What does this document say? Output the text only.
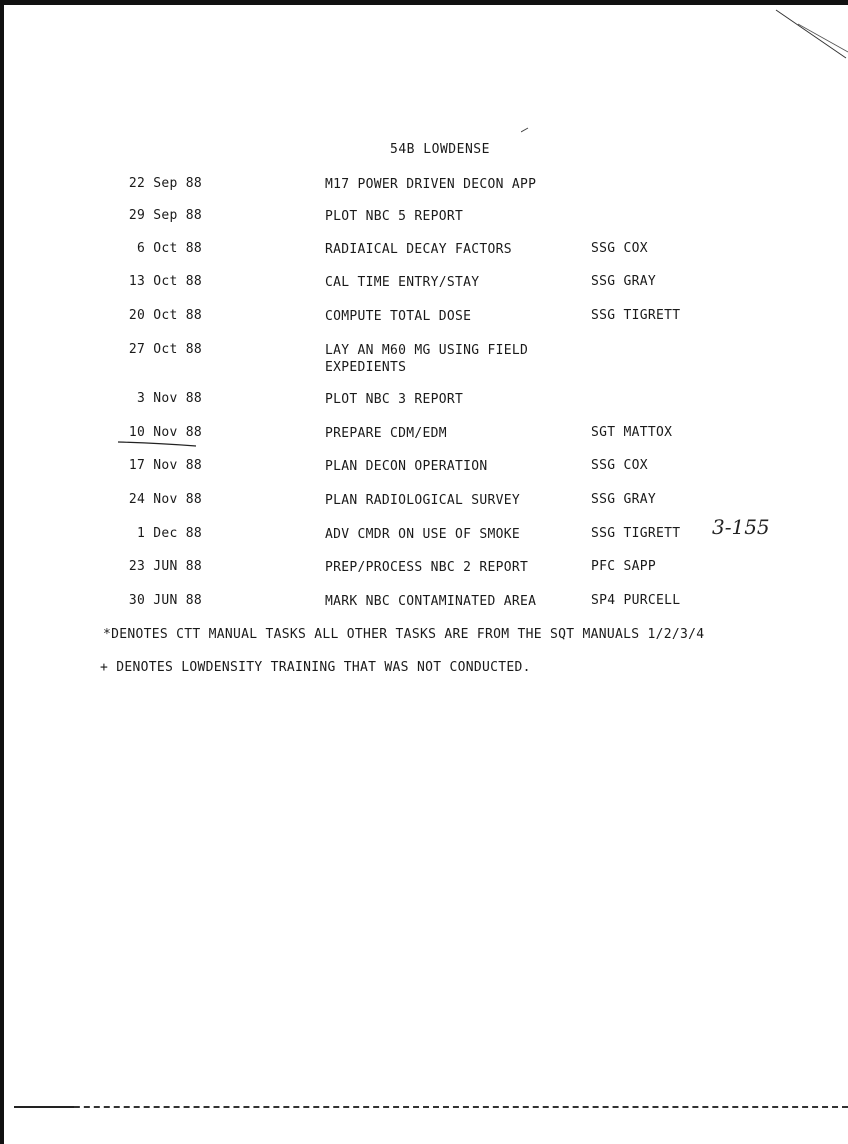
54B LOWDENSE
22 Sep 88	M17 POWER DRIVEN DECON APP
29 Sep 88	PLOT NBC 5 REPORT
6 Oct 88	RADIAICAL DECAY FACTORS	SSG COX
13 Oct 88	CAL TIME ENTRY/STAY	SSG GRAY
20 Oct 88	COMPUTE TOTAL DOSE	SSG TIGRETT
27 Oct 88	LAY AN M60 MG USING FIELD EXPEDIENTS
3 Nov 88	PLOT NBC 3 REPORT
10 Nov 88	PREPARE CDM/EDM	SGT MATTOX
17 Nov 88	PLAN DECON OPERATION	SSG COX
24 Nov 88	PLAN RADIOLOGICAL SURVEY	SSG GRAY
1 Dec 88	ADV CMDR ON USE OF SMOKE	SSG TIGRETT
23 JUN 88	PREP/PROCESS NBC 2 REPORT	PFC SAPP
30 JUN 88	MARK NBC CONTAMINATED AREA	SP4 PURCELL
*DENOTES CTT MANUAL TASKS ALL OTHER TASKS ARE FROM THE SQT MANUALS 1/2/3/4
+ DENOTES LOWDENSITY TRAINING THAT WAS NOT CONDUCTED.
3-155
